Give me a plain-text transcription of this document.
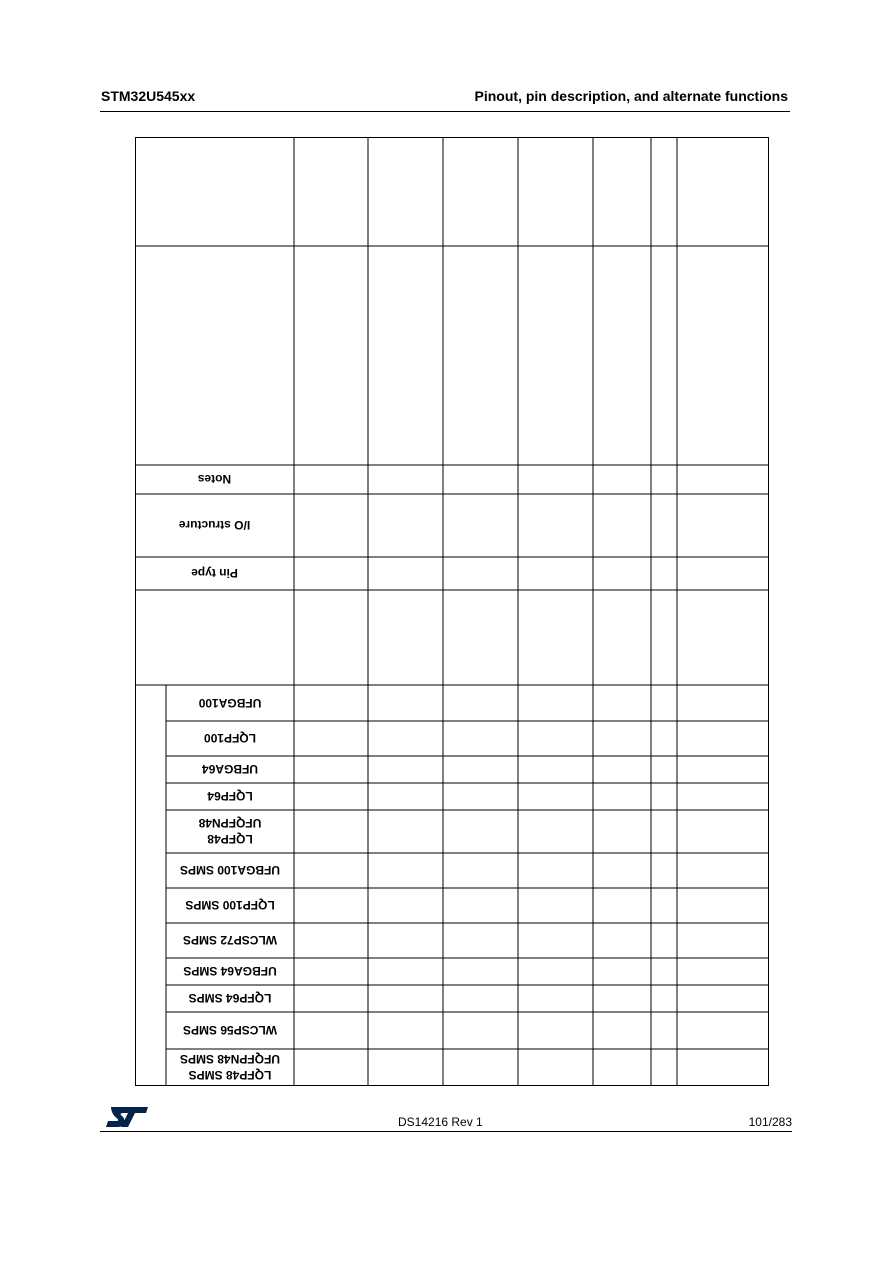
STM32U545xx	Pinout, pin description, and alternate functions
Notes
I/O structure
Pin type
UFBGA100
LQFP100
UFBGA64
LQFP64
LQFP48
UFQFPN48
UFBGA100 SMPS
LQFP100 SMPS
WLCSP72 SMPS
UFBGA64 SMPS
LQFP64 SMPS
WLCSP56 SMPS
LQFP48 SMPS
UFQFPN48 SMPS
DS14216 Rev 1	101/283
